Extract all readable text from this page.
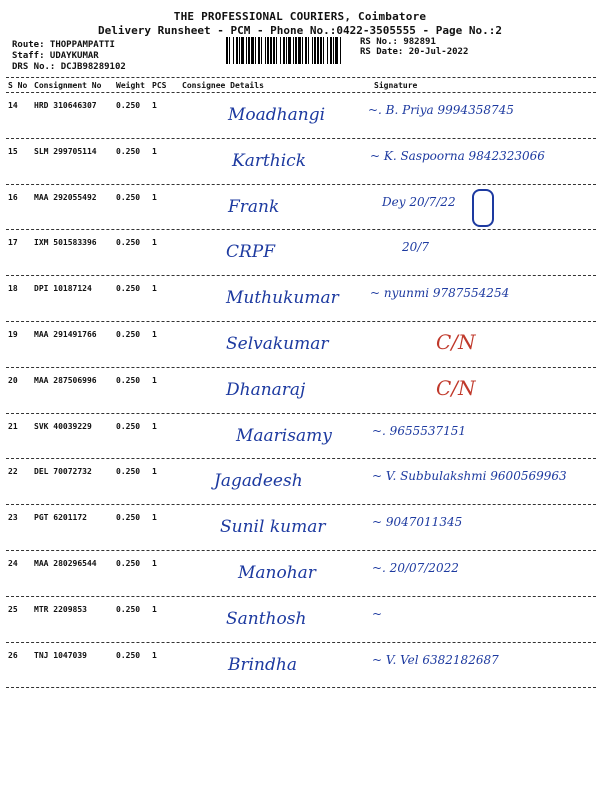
THE PROFESSIONAL COURIERS, Coimbatore
Delivery Runsheet - PCM - Phone No.:0422-3505555 - Page No.:2
Route: THOPPAMPATTI
Staff: UDAYKUMAR
DRS No.: DCJB98289102
RS No.: 982891
RS Date: 20-Jul-2022
S No Consignment No Weight PCS Consignee Details	Signature
14 HRD 310646307 0.250 1	Moadhangi	~. B. Priya 9994358745
15 SLM 299705114 0.250 1	Karthick	~ K. Saspoorna 9842323066
16 MAA 292055492 0.250 1	Frank	Dey 20/7/22
17 IXM 501583396 0.250 1	CRPF	20/7
18 DPI 10187124	0.250 1	Muthukumar	~ nyunmi 9787554254
19 MAA 291491766 0.250 1	Selvakumar	C/N
20 MAA 287506996 0.250 1	Dhanaraj	C/N
21 SVK 40039229	0.250 1	Maarisamy	~. 9655537151
22 DEL 70072732	0.250 1	Jagadeesh	~ V. Subbulakshmi 9600569963
23 PGT 6201172	0.250 1	Sunil kumar	~ 9047011345
24 MAA 280296544 0.250 1	Manohar	~. 20/07/2022
25 MTR 2209853	0.250 1	Santhosh	~
26 TNJ 1047039	0.250 1	Brindha	~ V. Vel 6382182687
